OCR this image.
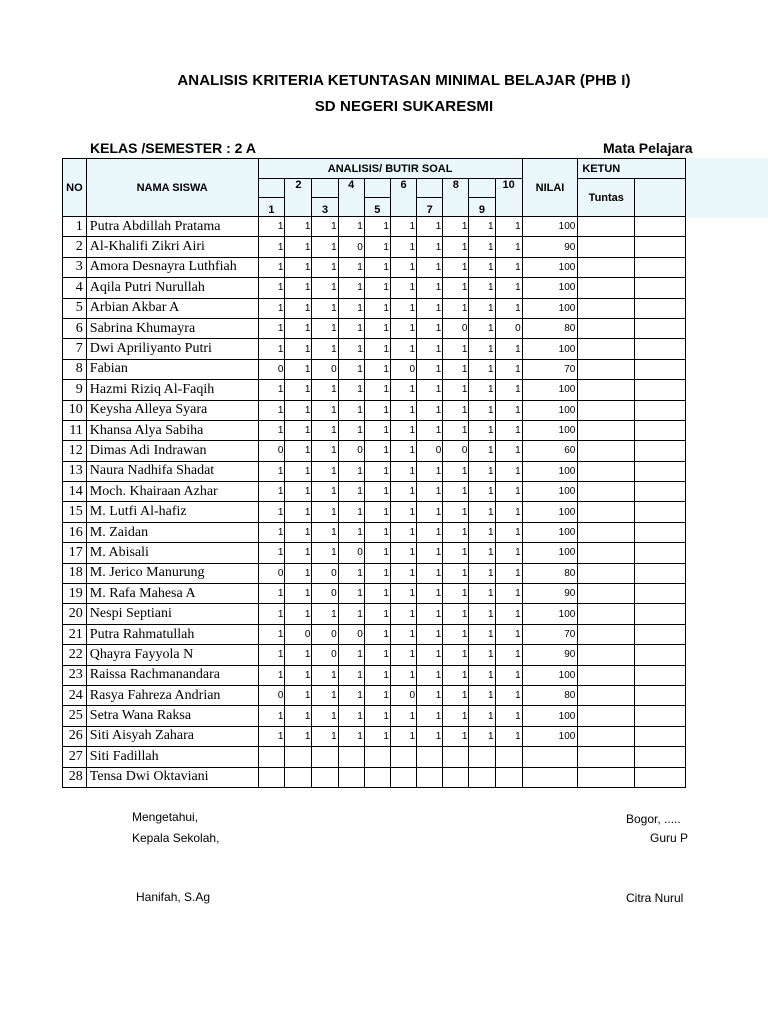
ANALISIS KRITERIA KETUNTASAN MINIMAL BELAJAR (PHB I)
SD NEGERI SUKARESMI
KELAS /SEMESTER : 2 A	Mata Pelajara
NO	NAMA SISWA	ANALISIS/ BUTIR SOAL										NILAI	KETUN	
			2		4		6		8		10		Tuntas	
		1		3		5		7		9				
1	Putra Abdillah Pratama	1	1	1	1	1	1	1	1	1	1	100		
2	Al-Khalifi Zikri Airi	1	1	1	0	1	1	1	1	1	1	90		
3	Amora Desnayra Luthfiah	1	1	1	1	1	1	1	1	1	1	100		
4	Aqila Putri Nurullah	1	1	1	1	1	1	1	1	1	1	100		
5	Arbian Akbar A	1	1	1	1	1	1	1	1	1	1	100		
6	Sabrina Khumayra	1	1	1	1	1	1	1	0	1	0	80		
7	Dwi Apriliyanto Putri	1	1	1	1	1	1	1	1	1	1	100		
8	Fabian	0	1	0	1	1	0	1	1	1	1	70		
9	Hazmi Riziq Al-Faqih	1	1	1	1	1	1	1	1	1	1	100		
10	Keysha Alleya Syara	1	1	1	1	1	1	1	1	1	1	100		
11	Khansa Alya Sabiha	1	1	1	1	1	1	1	1	1	1	100		
12	Dimas Adi Indrawan	0	1	1	0	1	1	0	0	1	1	60		
13	Naura Nadhifa Shadat	1	1	1	1	1	1	1	1	1	1	100		
14	Moch. Khairaan Azhar	1	1	1	1	1	1	1	1	1	1	100		
15	M. Lutfi Al-hafiz	1	1	1	1	1	1	1	1	1	1	100		
16	M. Zaidan	1	1	1	1	1	1	1	1	1	1	100		
17	M. Abisali	1	1	1	0	1	1	1	1	1	1	100		
18	M. Jerico Manurung	0	1	0	1	1	1	1	1	1	1	80		
19	M. Rafa Mahesa A	1	1	0	1	1	1	1	1	1	1	90		
20	Nespi Septiani	1	1	1	1	1	1	1	1	1	1	100		
21	Putra Rahmatullah	1	0	0	0	1	1	1	1	1	1	70		
22	Qhayra Fayyola N	1	1	0	1	1	1	1	1	1	1	90		
23	Raissa Rachmanandara	1	1	1	1	1	1	1	1	1	1	100		
24	Rasya Fahreza Andrian	0	1	1	1	1	0	1	1	1	1	80		
25	Setra Wana Raksa	1	1	1	1	1	1	1	1	1	1	100		
26	Siti Aisyah Zahara	1	1	1	1	1	1	1	1	1	1	100		
27	Siti Fadillah													
28	Tensa Dwi Oktaviani													
Mengetahui,
Kepala Sekolah,
Hanifah, S.Ag
Bogor, .....
Guru P
Citra Nurul
